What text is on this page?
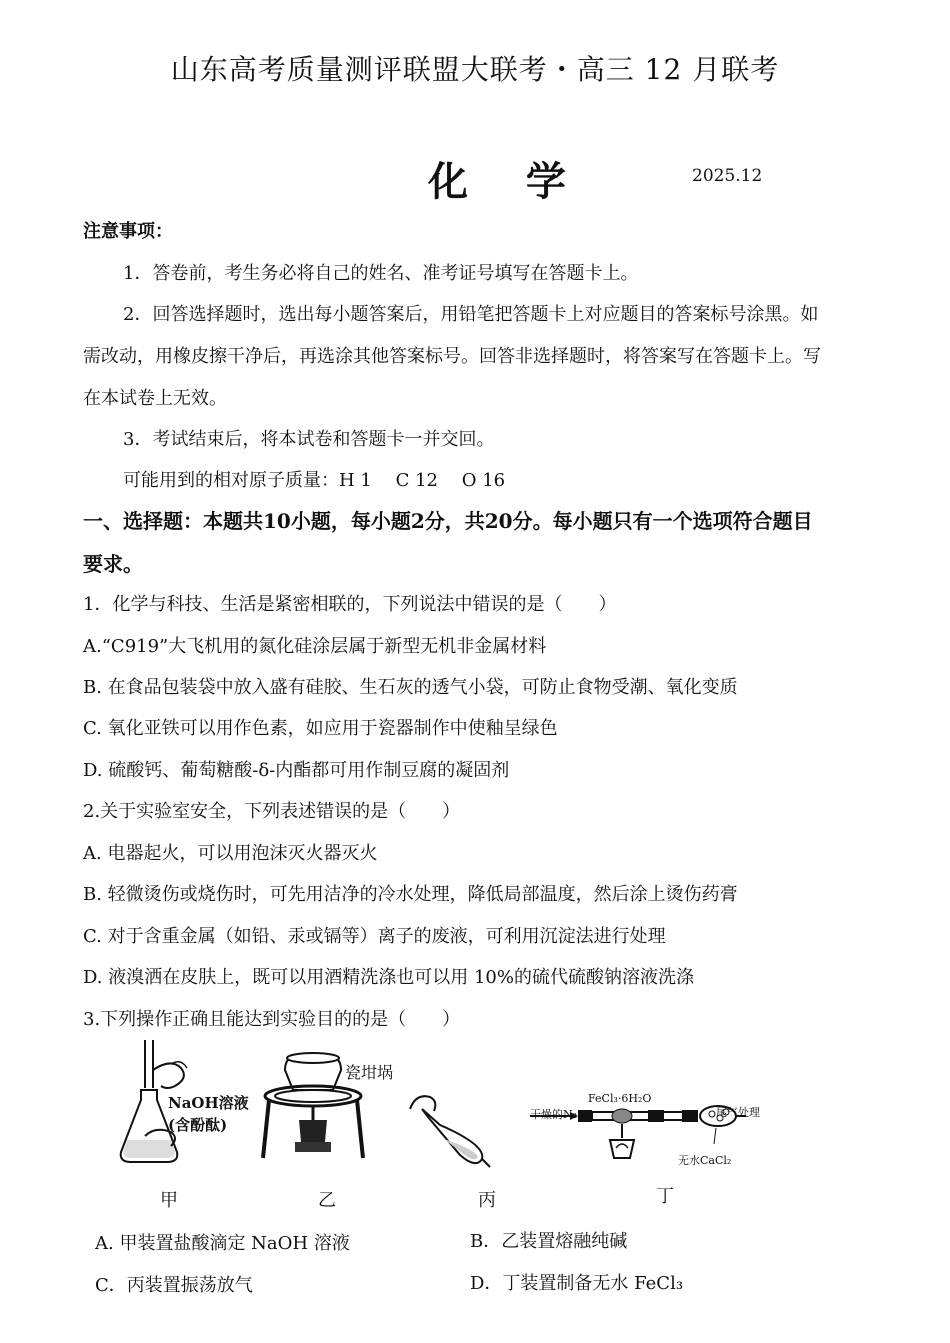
山东高考质量测评联盟大联考・高三 12 月联考
化 学	2025.12
注意事项：
1．答卷前，考生务必将自己的姓名、准考证号填写在答题卡上。
2．回答选择题时，选出每小题答案后，用铅笔把答题卡上对应题目的答案标号涂黑。如
需改动，用橡皮擦干净后，再选涂其他答案标号。回答非选择题时，将答案写在答题卡上。写
在本试卷上无效。
3．考试结束后，将本试卷和答题卡一并交回。
可能用到的相对原子质量：H 1　 C 12　 O 16
一、选择题：本题共10小题，每小题2分，共20分。每小题只有一个选项符合题目
要求。
1．化学与科技、生活是紧密相联的，下列说法中错误的是（　　）
A.“C919”大飞机用的氮化硅涂层属于新型无机非金属材料
B. 在食品包装袋中放入盛有硅胶、生石灰的透气小袋，可防止食物受潮、氧化变质
C. 氧化亚铁可以用作色素，如应用于瓷器制作中使釉呈绿色
D. 硫酸钙、葡萄糖酸-δ-内酯都可用作制豆腐的凝固剂
2.关于实验室安全，下列表述错误的是（　　）
A. 电器起火，可以用泡沫灭火器灭火
B. 轻微烫伤或烧伤时，可先用洁净的冷水处理，降低局部温度，然后涂上烫伤药膏
C. 对于含重金属（如铅、汞或镉等）离子的废液，可利用沉淀法进行处理
D. 液溴洒在皮肤上，既可以用酒精洗涤也可以用 10%的硫代硫酸钠溶液洗涤
3.下列操作正确且能达到实验目的的是（　　）
NaOH溶液
(含酚酞)
瓷坩埚
FeCl₃·6H₂O
干燥的N₂	尾气处理
无水CaCl₂
甲	乙	丙	丁
A. 甲装置盐酸滴定 NaOH 溶液	B．乙装置熔融纯碱
C．丙装置振荡放气	D．丁装置制备无水 FeCl₃
